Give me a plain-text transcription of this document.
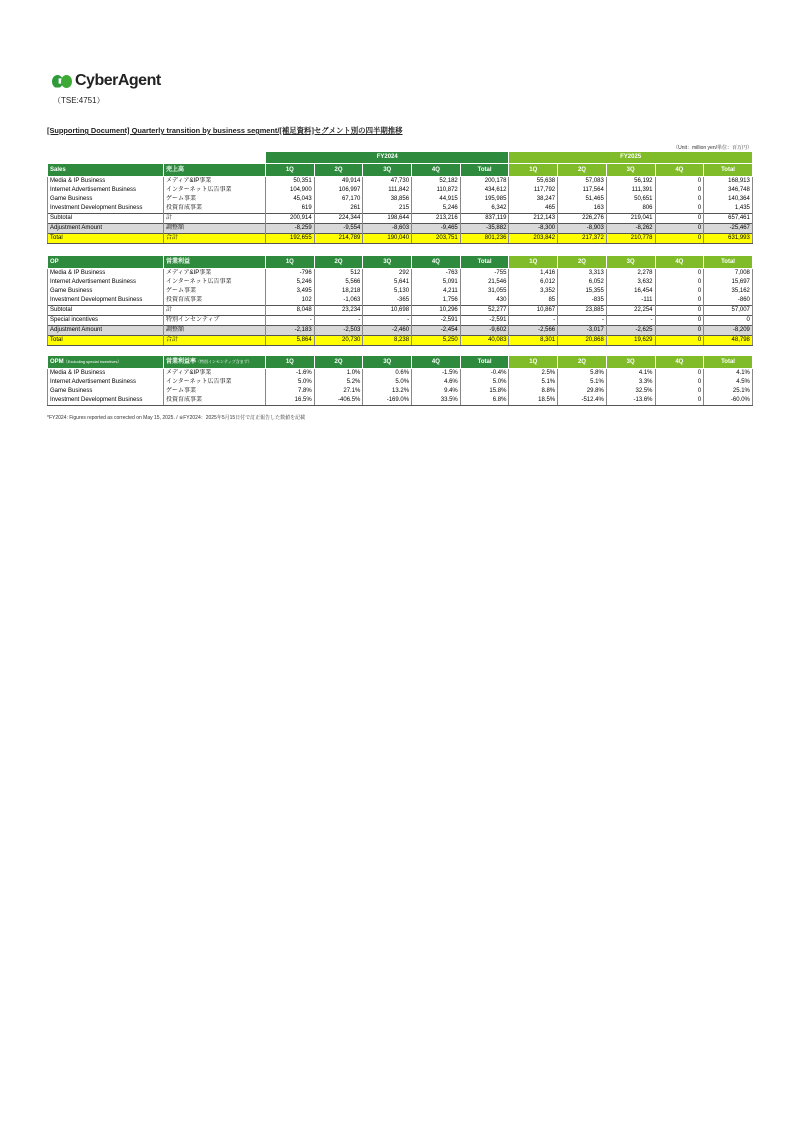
CyberAgent
（TSE:4751）
[Supporting Document] Quarterly transition by business segment/[補足資料]セグメント別の四半期推移
（Unit：million yen/単位：百万円）
		FY2024					FY2025				
Sales	売上高	1Q	2Q	3Q	4Q	Total	1Q	2Q	3Q	4Q	Total
Media & IP Business	メディア&IP事業	50,351	49,914	47,730	52,182	200,178	55,638	57,083	56,192	0	168,913
Internet Advertisement Business	インターネット広告事業	104,900	106,997	111,842	110,872	434,612	117,792	117,564	111,391	0	346,748
Game Business	ゲーム事業	45,043	67,170	38,856	44,915	195,985	38,247	51,465	50,651	0	140,364
Investment Development Business	投資育成事業	619	261	215	5,246	6,342	465	163	806	0	1,435
Subtotal	計	200,914	224,344	198,644	213,216	837,119	212,143	226,276	219,041	0	657,461
Adjustment Amount	調整額	-8,259	-9,554	-8,603	-9,465	-35,882	-8,300	-8,903	-8,262	0	-25,467
Total	合計	192,655	214,789	190,040	203,751	801,236	203,842	217,372	210,778	0	631,993
OP	営業利益	1Q	2Q	3Q	4Q	Total	1Q	2Q	3Q	4Q	Total
Media & IP Business	メディア&IP事業	-796	512	292	-763	-755	1,416	3,313	2,278	0	7,008
Internet Advertisement Business	インターネット広告事業	5,246	5,566	5,641	5,091	21,546	6,012	6,052	3,632	0	15,697
Game Business	ゲーム事業	3,495	18,218	5,130	4,211	31,055	3,352	15,355	16,454	0	35,162
Investment Development Business	投資育成事業	102	-1,063	-365	1,756	430	85	-835	-111	0	-860
Subtotal	計	8,048	23,234	10,698	10,296	52,277	10,867	23,885	22,254	0	57,007
Special incentives	特別インセンティブ	-	-	-	-2,591	-2,591	-	-	-	0	0
Adjustment Amount	調整額	-2,183	-2,503	-2,460	-2,454	-9,602	-2,566	-3,017	-2,625	0	-8,209
Total	合計	5,864	20,730	8,238	5,250	40,083	8,301	20,868	19,629	0	48,798
OPM（Excluding special incentives）	営業利益率（特別インセンティブ含まず）	1Q	2Q	3Q	4Q	Total	1Q	2Q	3Q	4Q	Total
Media & IP Business	メディア&IP事業	-1.6%	1.0%	0.6%	-1.5%	-0.4%	2.5%	5.8%	4.1%	0	4.1%
Internet Advertisement Business	インターネット広告事業	5.0%	5.2%	5.0%	4.6%	5.0%	5.1%	5.1%	3.3%	0	4.5%
Game Business	ゲーム事業	7.8%	27.1%	13.2%	9.4%	15.8%	8.8%	29.8%	32.5%	0	25.1%
Investment Development Business	投資育成事業	16.5%	-406.5%	-169.0%	33.5%	6.8%	18.5%	-512.4%	-13.6%	0	-60.0%
*FY2024: Figures reported as corrected on May 15, 2025. / ※FY2024：2025年5月15日付で訂正報告した数値を記載
